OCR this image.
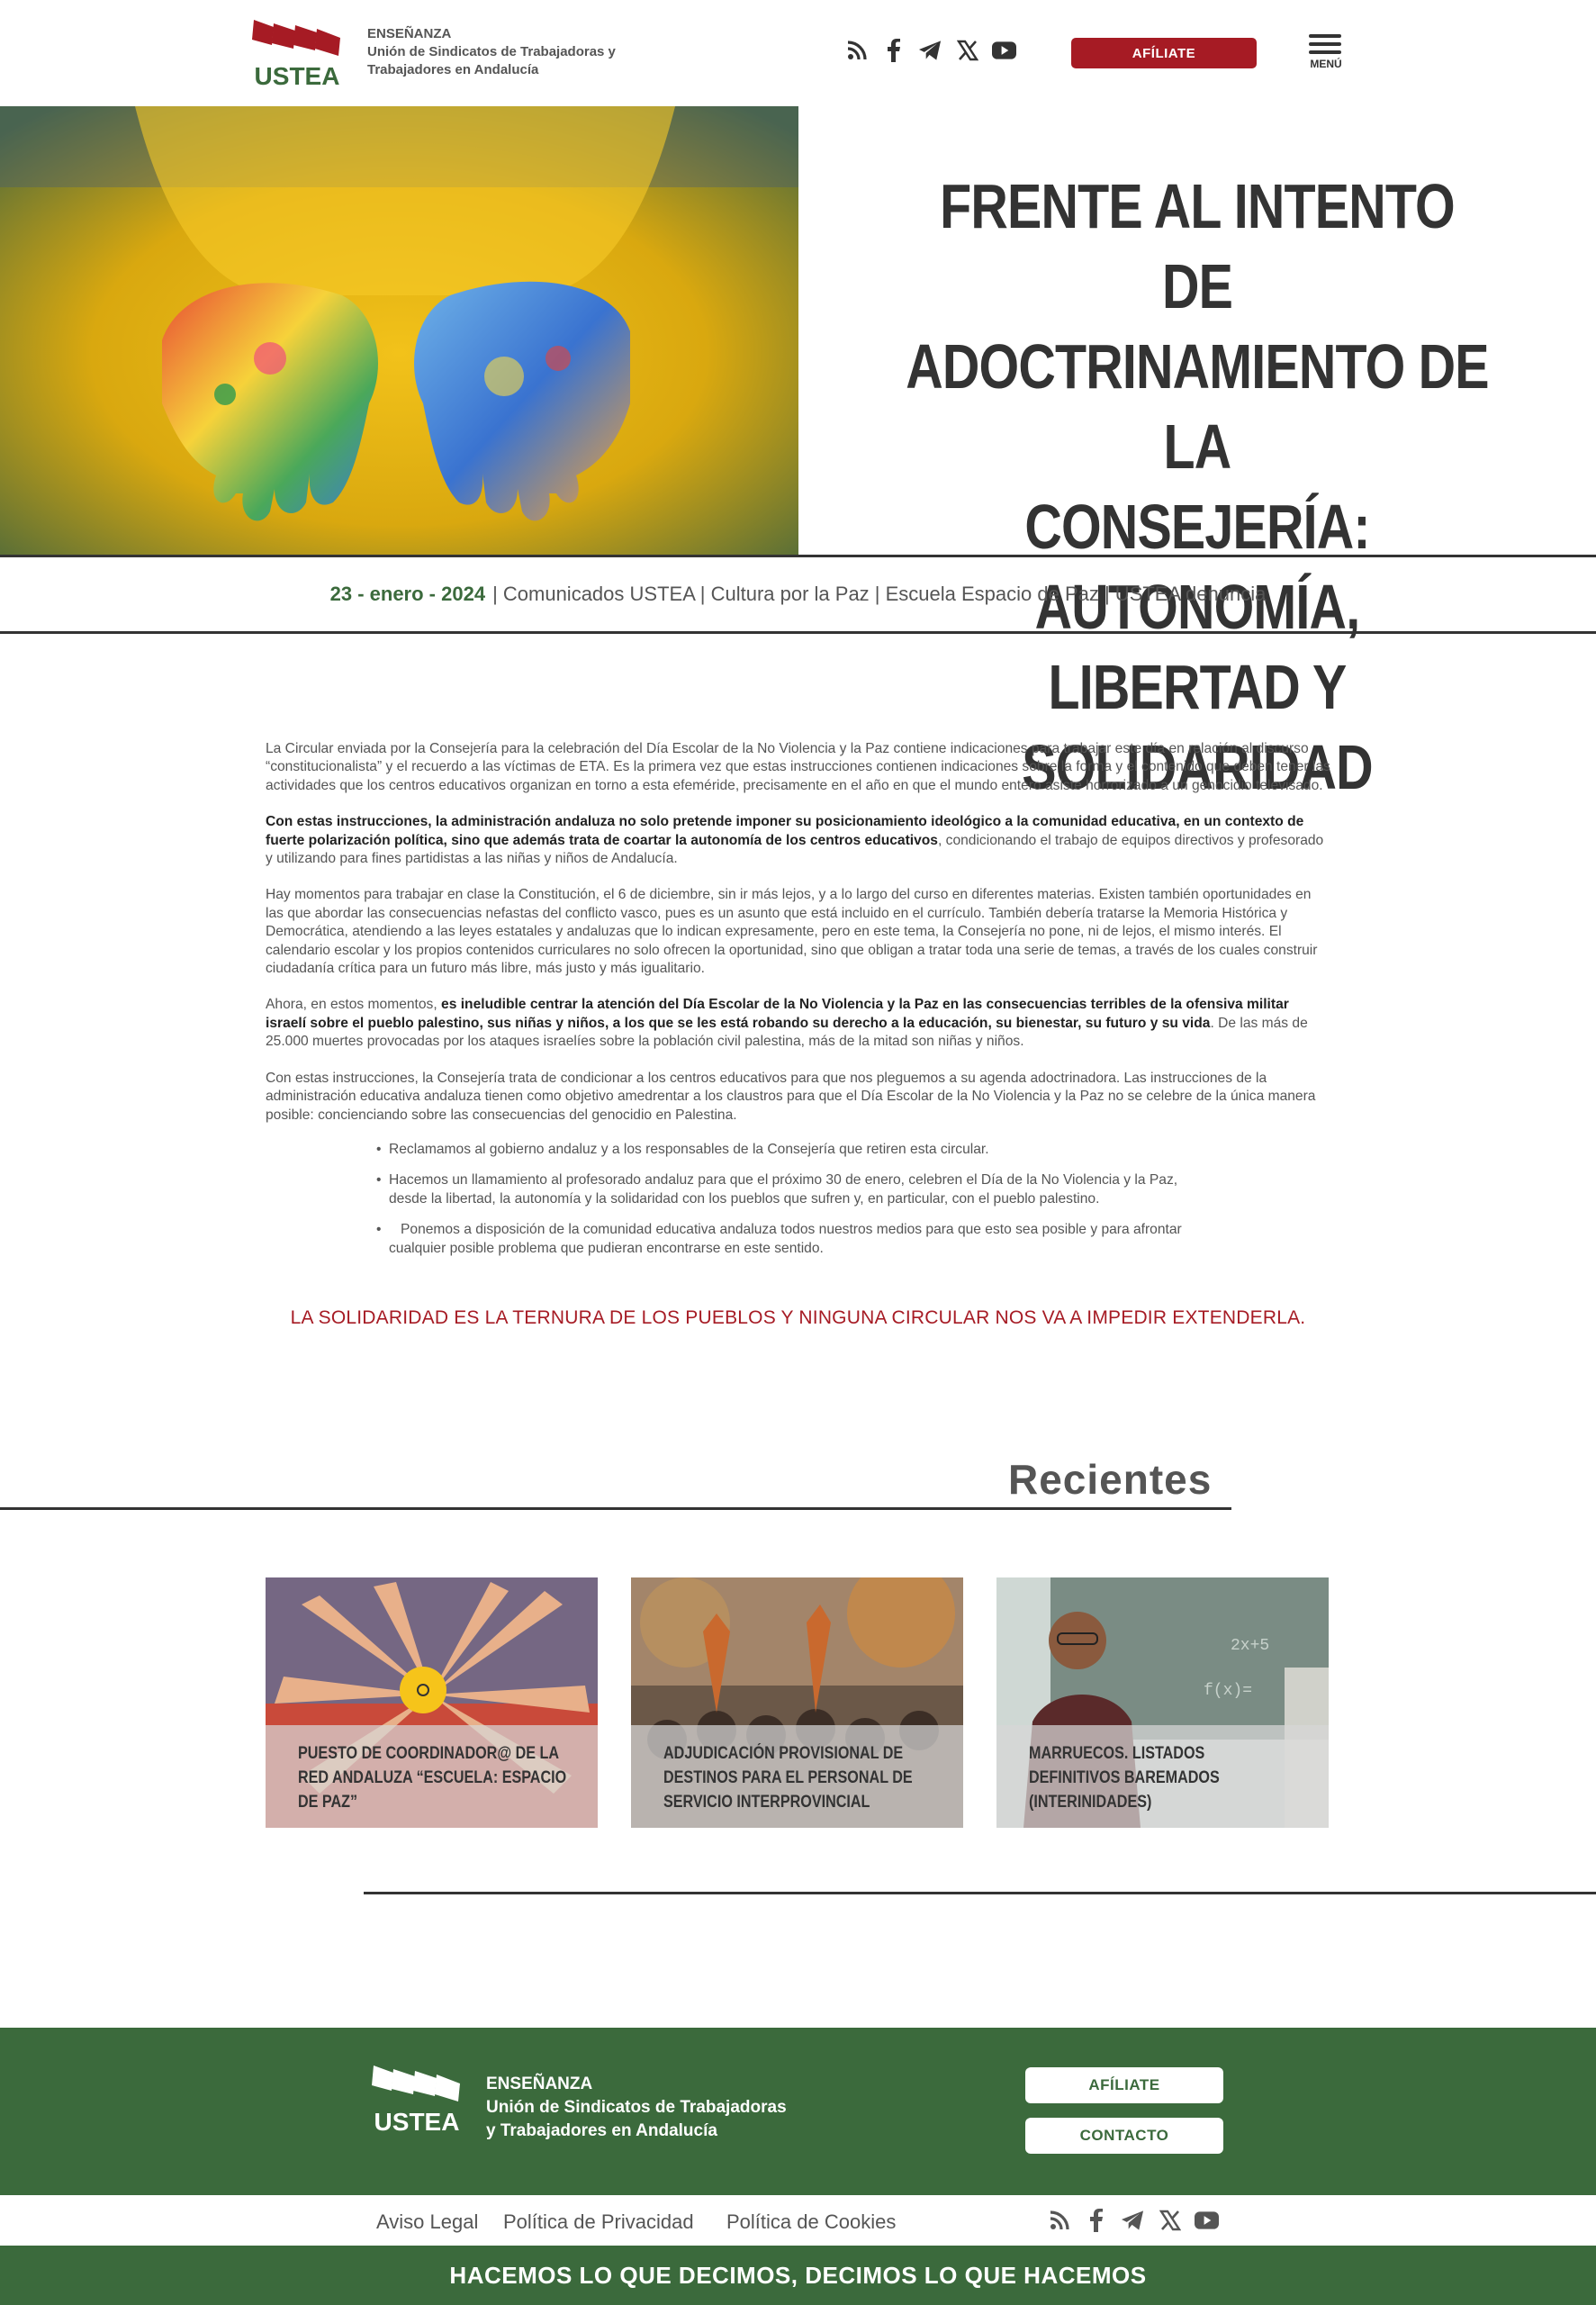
USTEA
ENSEÑANZA
Unión de Sindicatos de Trabajadoras y
Trabajadores en Andalucía
AFÍLIATE
MENÚ
FRENTE AL INTENTO DE
ADOCTRINAMIENTO DE LA
CONSEJERÍA: AUTONOMÍA,
LIBERTAD Y SOLIDARIDAD
23 - enero - 2024 | Comunicados USTEA | Cultura por la Paz | Escuela Espacio de Paz | USTEA denuncia

La Circular enviada por la Consejería para la celebración del Día Escolar de la No Violencia y la Paz contiene indicaciones para trabajar este día en relación al discurso “constitucionalista” y el recuerdo a las víctimas de ETA. Es la primera vez que estas instrucciones contienen indicaciones sobre la forma y el contenido que deben tener las actividades que los centros educativos organizan en torno a esta efeméride, precisamente en el año en que el mundo entero asiste horrorizado a un genocidio televisado.

Con estas instrucciones, la administración andaluza no solo pretende imponer su posicionamiento ideológico a la comunidad educativa, en un contexto de fuerte polarización política, sino que además trata de coartar la autonomía de los centros educativos, condicionando el trabajo de equipos directivos y profesorado y utilizando para fines partidistas a las niñas y niños de Andalucía.

Hay momentos para trabajar en clase la Constitución, el 6 de diciembre, sin ir más lejos, y a lo largo del curso en diferentes materias. Existen también oportunidades en las que abordar las consecuencias nefastas del conflicto vasco, pues es un asunto que está incluido en el currículo. También debería tratarse la Memoria Histórica y Democrática, atendiendo a las leyes estatales y andaluzas que lo indican expresamente, pero en este tema, la Consejería no pone, ni de lejos, el mismo interés. El calendario escolar y los propios contenidos curriculares no solo ofrecen la oportunidad, sino que obligan a tratar toda una serie de temas, a través de los cuales construir ciudadanía crítica para un futuro más libre, más justo y más igualitario.

Ahora, en estos momentos, es ineludible centrar la atención del Día Escolar de la No Violencia y la Paz en las consecuencias terribles de la ofensiva militar israelí sobre el pueblo palestino, sus niñas y niños, a los que se les está robando su derecho a la educación, su bienestar, su futuro y su vida. De las más de 25.000 muertes provocadas por los ataques israelíes sobre la población civil palestina, más de la mitad son niñas y niños.

Con estas instrucciones, la Consejería trata de condicionar a los centros educativos para que nos pleguemos a su agenda adoctrinadora. Las instrucciones de la administración educativa andaluza tienen como objetivo amedrentar a los claustros para que el Día Escolar de la No Violencia y la Paz no se celebre de la única manera posible: concienciando sobre las consecuencias del genocidio en Palestina.

• Reclamamos al gobierno andaluz y a los responsables de la Consejería que retiren esta circular.
• Hacemos un llamamiento al profesorado andaluz para que el próximo 30 de enero, celebren el Día de la No Violencia y la Paz, desde la libertad, la autonomía y la solidaridad con los pueblos que sufren y, en particular, con el pueblo palestino.
•    Ponemos a disposición de la comunidad educativa andaluza todos nuestros medios para que esto sea posible y para afrontar cualquier posible problema que pudieran encontrarse en este sentido.
LA SOLIDARIDAD ES LA TERNURA DE LOS PUEBLOS Y NINGUNA CIRCULAR NOS VA A IMPEDIR EXTENDERLA.
Recientes
PUESTO DE COORDINADOR@ DE LA RED ANDALUZA “ESCUELA: ESPACIO DE PAZ”
ADJUDICACIÓN PROVISIONAL DE DESTINOS PARA EL PERSONAL DE SERVICIO INTERPROVINCIAL
2x+5
f(x)=
MARRUECOS. LISTADOS DEFINITIVOS BAREMADOS (INTERINIDADES)
USTEA
ENSEÑANZA
Unión de Sindicatos de Trabajadoras
y Trabajadores en Andalucía
AFÍLIATE
CONTACTO
Aviso Legal Política de Privacidad Política de Cookies
HACEMOS LO QUE DECIMOS, DECIMOS LO QUE HACEMOS
